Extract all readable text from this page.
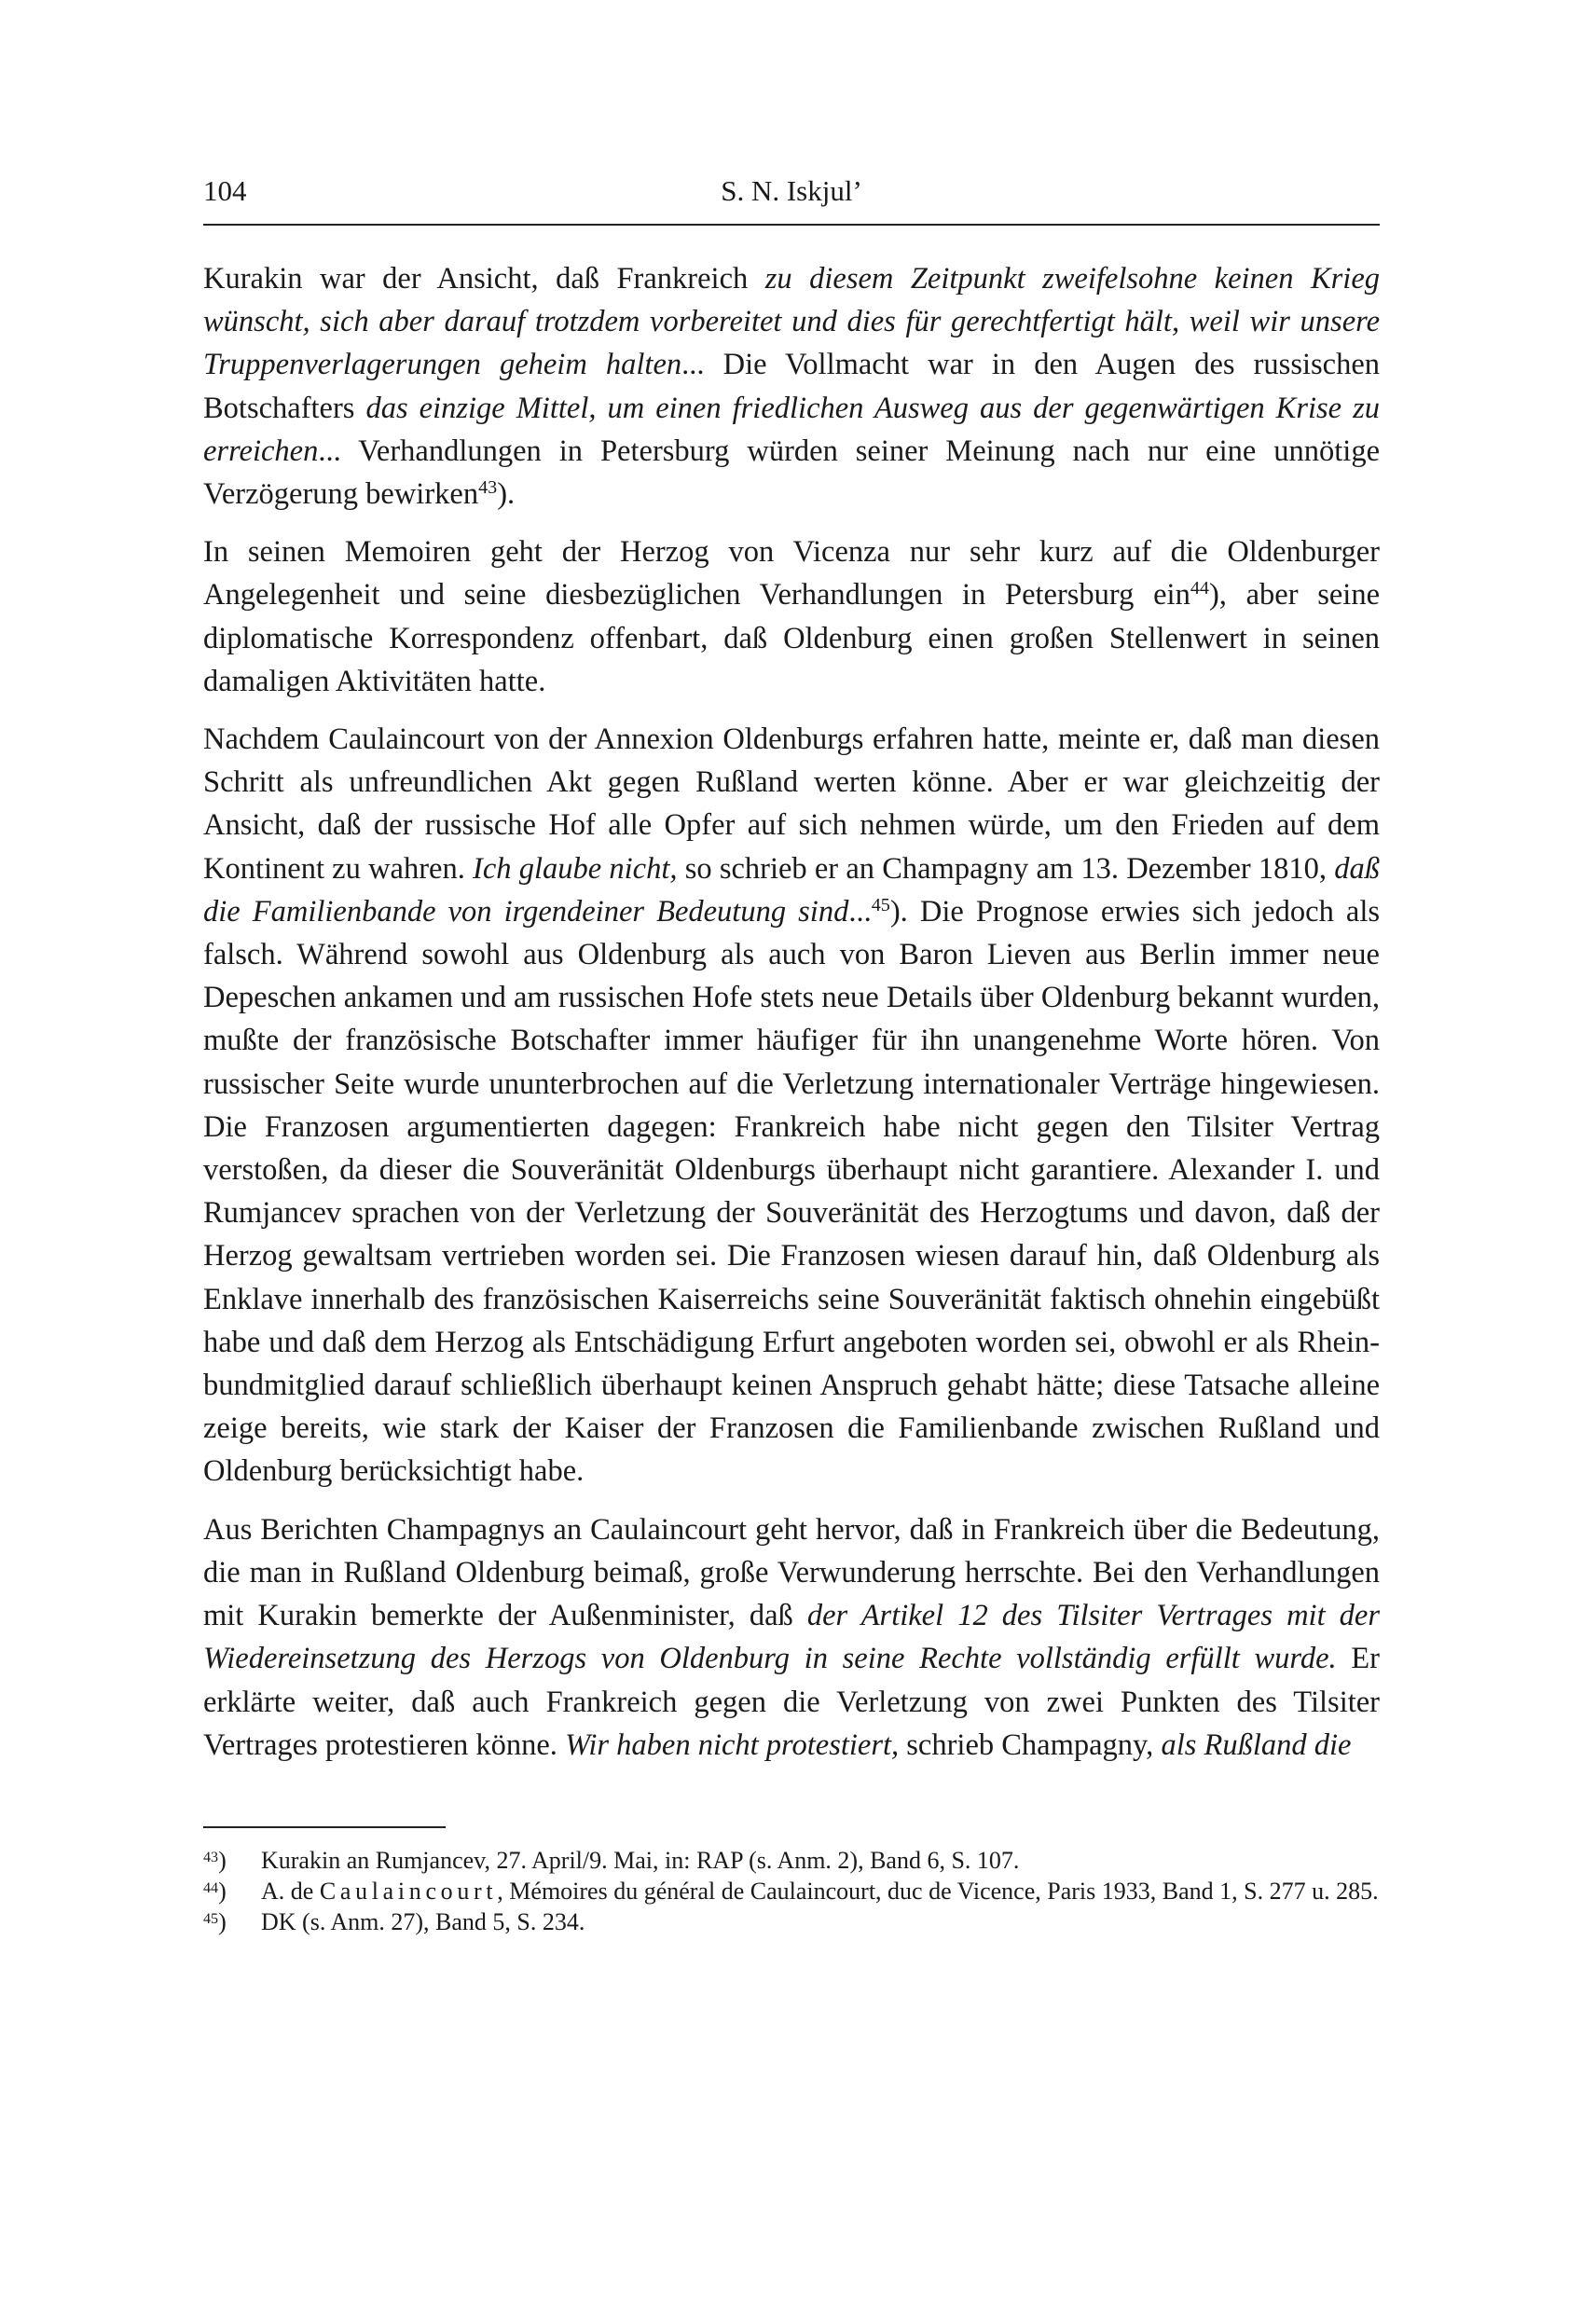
104	S. N. Iskjul’

Kurakin war der Ansicht, daß Frankreich zu diesem Zeitpunkt zweifelsohne keinen Krieg wünscht, sich aber darauf trotzdem vorbereitet und dies für gerechtfertigt hält, weil wir unsere Truppenverlagerungen geheim halten... Die Vollmacht war in den Augen des russischen Botschafters das einzige Mittel, um einen friedlichen Ausweg aus der gegenwärtigen Krise zu erreichen... Verhandlungen in Petersburg würden seiner Meinung nach nur eine unnötige Verzögerung bewirken$^{43}$).

In seinen Memoiren geht der Herzog von Vicenza nur sehr kurz auf die Oldenburger Angelegenheit und seine diesbezüglichen Verhandlungen in Petersburg ein$^{44}$), aber seine diplomatische Korrespondenz offenbart, daß Oldenburg einen großen Stellenwert in seinen damaligen Aktivitäten hatte.

Nachdem Caulaincourt von der Annexion Oldenburgs erfahren hatte, meinte er, daß man diesen Schritt als unfreundlichen Akt gegen Rußland werten könne. Aber er war gleichzeitig der Ansicht, daß der russische Hof alle Opfer auf sich nehmen würde, um den Frieden auf dem Kontinent zu wahren. Ich glaube nicht, so schrieb er an Champagny am 13. Dezember 1810, daß die Familienbande von irgendeiner Bedeutung sind...$^{45}$). Die Prognose erwies sich jedoch als falsch. Während sowohl aus Oldenburg als auch von Baron Lieven aus Berlin immer neue Depeschen ankamen und am russischen Hofe stets neue Details über Oldenburg bekannt wurden, mußte der französische Botschafter immer häufiger für ihn unangenehme Worte hören. Von russischer Seite wurde ununterbrochen auf die Verletzung internationaler Verträge hingewiesen. Die Franzosen argumentierten dagegen: Frankreich habe nicht gegen den Tilsiter Vertrag verstoßen, da dieser die Souveränität Oldenburgs überhaupt nicht garantiere. Alexander I. und Rumjancev sprachen von der Verletzung der Souveränität des Herzogtums und davon, daß der Herzog gewaltsam vertrieben worden sei. Die Franzosen wiesen darauf hin, daß Oldenburg als Enklave innerhalb des französischen Kaiserreichs seine Souveränität faktisch ohnehin eingebüßt habe und daß dem Herzog als Entschädigung Erfurt angeboten worden sei, obwohl er als Rheinbundmitglied darauf schließlich überhaupt keinen Anspruch gehabt hätte; diese Tatsache alleine zeige bereits, wie stark der Kaiser der Franzosen die Familienbande zwischen Rußland und Oldenburg berücksichtigt habe.

Aus Berichten Champagnys an Caulaincourt geht hervor, daß in Frankreich über die Bedeutung, die man in Rußland Oldenburg beimaß, große Verwunderung herrschte. Bei den Verhandlungen mit Kurakin bemerkte der Außenminister, daß der Artikel 12 des Tilsiter Vertrages mit der Wiedereinsetzung des Herzogs von Oldenburg in seine Rechte vollständig erfüllt wurde. Er erklärte weiter, daß auch Frankreich gegen die Verletzung von zwei Punkten des Tilsiter Vertrages protestieren könne. Wir haben nicht protestiert, schrieb Champagny, als Rußland die

$^{43}$) Kurakin an Rumjancev, 27. April/9. Mai, in: RAP (s. Anm. 2), Band 6, S. 107.
$^{44}$) A. de Caulaincourt, Mémoires du général de Caulaincourt, duc de Vicence, Paris 1933, Band 1, S. 277 u. 285.
$^{45}$) DK (s. Anm. 27), Band 5, S. 234.
